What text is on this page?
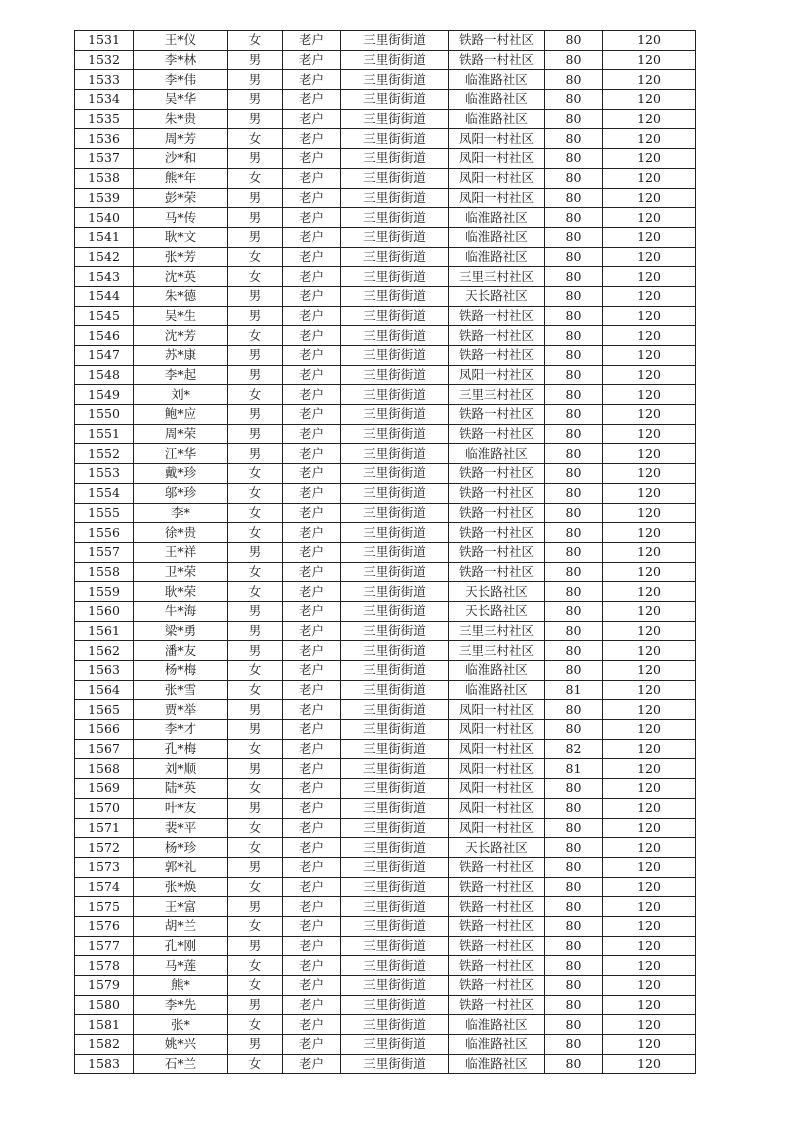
1531	王*仪	女	老户	三里街街道	铁路一村社区	80	120
1532	李*林	男	老户	三里街街道	铁路一村社区	80	120
1533	李*伟	男	老户	三里街街道	临淮路社区	80	120
1534	吴*华	男	老户	三里街街道	临淮路社区	80	120
1535	朱*贵	男	老户	三里街街道	临淮路社区	80	120
1536	周*芳	女	老户	三里街街道	凤阳一村社区	80	120
1537	沙*和	男	老户	三里街街道	凤阳一村社区	80	120
1538	熊*年	女	老户	三里街街道	凤阳一村社区	80	120
1539	彭*荣	男	老户	三里街街道	凤阳一村社区	80	120
1540	马*传	男	老户	三里街街道	临淮路社区	80	120
1541	耿*文	男	老户	三里街街道	临淮路社区	80	120
1542	张*芳	女	老户	三里街街道	临淮路社区	80	120
1543	沈*英	女	老户	三里街街道	三里三村社区	80	120
1544	朱*德	男	老户	三里街街道	天长路社区	80	120
1545	吴*生	男	老户	三里街街道	铁路一村社区	80	120
1546	沈*芳	女	老户	三里街街道	铁路一村社区	80	120
1547	苏*康	男	老户	三里街街道	铁路一村社区	80	120
1548	李*起	男	老户	三里街街道	凤阳一村社区	80	120
1549	刘*	女	老户	三里街街道	三里三村社区	80	120
1550	鲍*应	男	老户	三里街街道	铁路一村社区	80	120
1551	周*荣	男	老户	三里街街道	铁路一村社区	80	120
1552	江*华	男	老户	三里街街道	临淮路社区	80	120
1553	戴*珍	女	老户	三里街街道	铁路一村社区	80	120
1554	邬*珍	女	老户	三里街街道	铁路一村社区	80	120
1555	李*	女	老户	三里街街道	铁路一村社区	80	120
1556	徐*贵	女	老户	三里街街道	铁路一村社区	80	120
1557	王*祥	男	老户	三里街街道	铁路一村社区	80	120
1558	卫*荣	女	老户	三里街街道	铁路一村社区	80	120
1559	耿*荣	女	老户	三里街街道	天长路社区	80	120
1560	牛*海	男	老户	三里街街道	天长路社区	80	120
1561	梁*勇	男	老户	三里街街道	三里三村社区	80	120
1562	潘*友	男	老户	三里街街道	三里三村社区	80	120
1563	杨*梅	女	老户	三里街街道	临淮路社区	80	120
1564	张*雪	女	老户	三里街街道	临淮路社区	81	120
1565	贾*举	男	老户	三里街街道	凤阳一村社区	80	120
1566	李*才	男	老户	三里街街道	凤阳一村社区	80	120
1567	孔*梅	女	老户	三里街街道	凤阳一村社区	82	120
1568	刘*顺	男	老户	三里街街道	凤阳一村社区	81	120
1569	陆*英	女	老户	三里街街道	凤阳一村社区	80	120
1570	叶*友	男	老户	三里街街道	凤阳一村社区	80	120
1571	裴*平	女	老户	三里街街道	凤阳一村社区	80	120
1572	杨*珍	女	老户	三里街街道	天长路社区	80	120
1573	郭*礼	男	老户	三里街街道	铁路一村社区	80	120
1574	张*焕	女	老户	三里街街道	铁路一村社区	80	120
1575	王*富	男	老户	三里街街道	铁路一村社区	80	120
1576	胡*兰	女	老户	三里街街道	铁路一村社区	80	120
1577	孔*刚	男	老户	三里街街道	铁路一村社区	80	120
1578	马*莲	女	老户	三里街街道	铁路一村社区	80	120
1579	熊*	女	老户	三里街街道	铁路一村社区	80	120
1580	李*先	男	老户	三里街街道	铁路一村社区	80	120
1581	张*	女	老户	三里街街道	临淮路社区	80	120
1582	姚*兴	男	老户	三里街街道	临淮路社区	80	120
1583	石*兰	女	老户	三里街街道	临淮路社区	80	120
